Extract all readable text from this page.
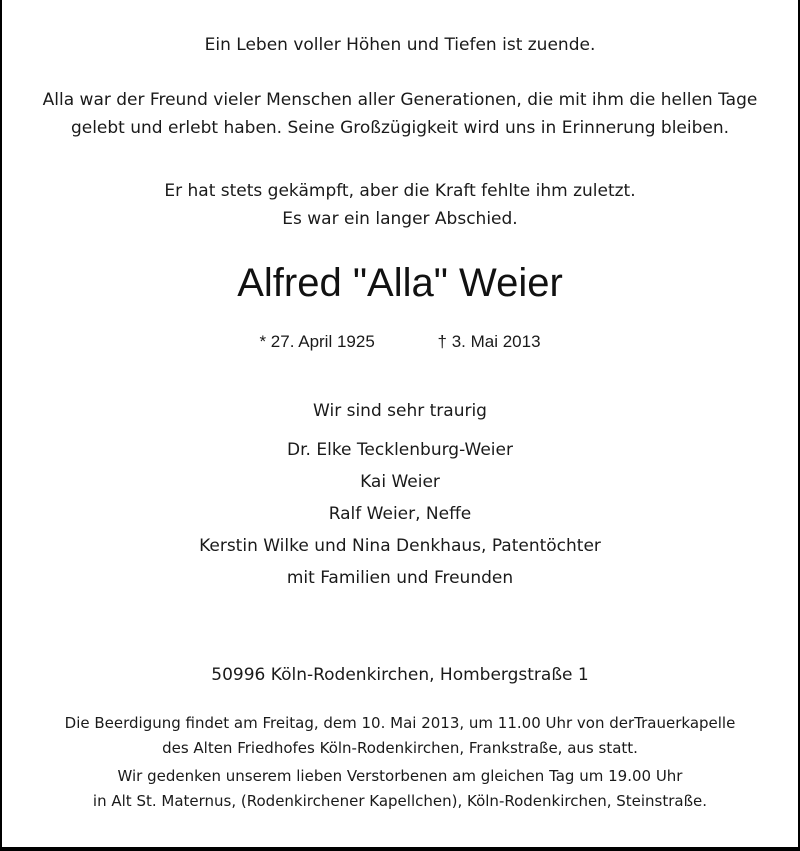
Ein Leben voller Höhen und Tiefen ist zuende.
Alla war der Freund vieler Menschen aller Generationen, die mit ihm die hellen Tage
gelebt und erlebt haben. Seine Großzügigkeit wird uns in Erinnerung bleiben.
Er hat stets gekämpft, aber die Kraft fehlte ihm zuletzt.
Es war ein langer Abschied.
Alfred "Alla" Weier
* 27. April 1925	† 3. Mai 2013
Wir sind sehr traurig
Dr. Elke Tecklenburg-Weier
Kai Weier
Ralf Weier, Neffe
Kerstin Wilke und Nina Denkhaus, Patentöchter
mit Familien und Freunden
50996 Köln-Rodenkirchen, Hombergstraße 1
Die Beerdigung findet am Freitag, dem 10. Mai 2013, um 11.00 Uhr von derTrauerkapelle
des Alten Friedhofes Köln-Rodenkirchen, Frankstraße, aus statt.
Wir gedenken unserem lieben Verstorbenen am gleichen Tag um 19.00 Uhr
in Alt St. Maternus, (Rodenkirchener Kapellchen), Köln-Rodenkirchen, Steinstraße.
